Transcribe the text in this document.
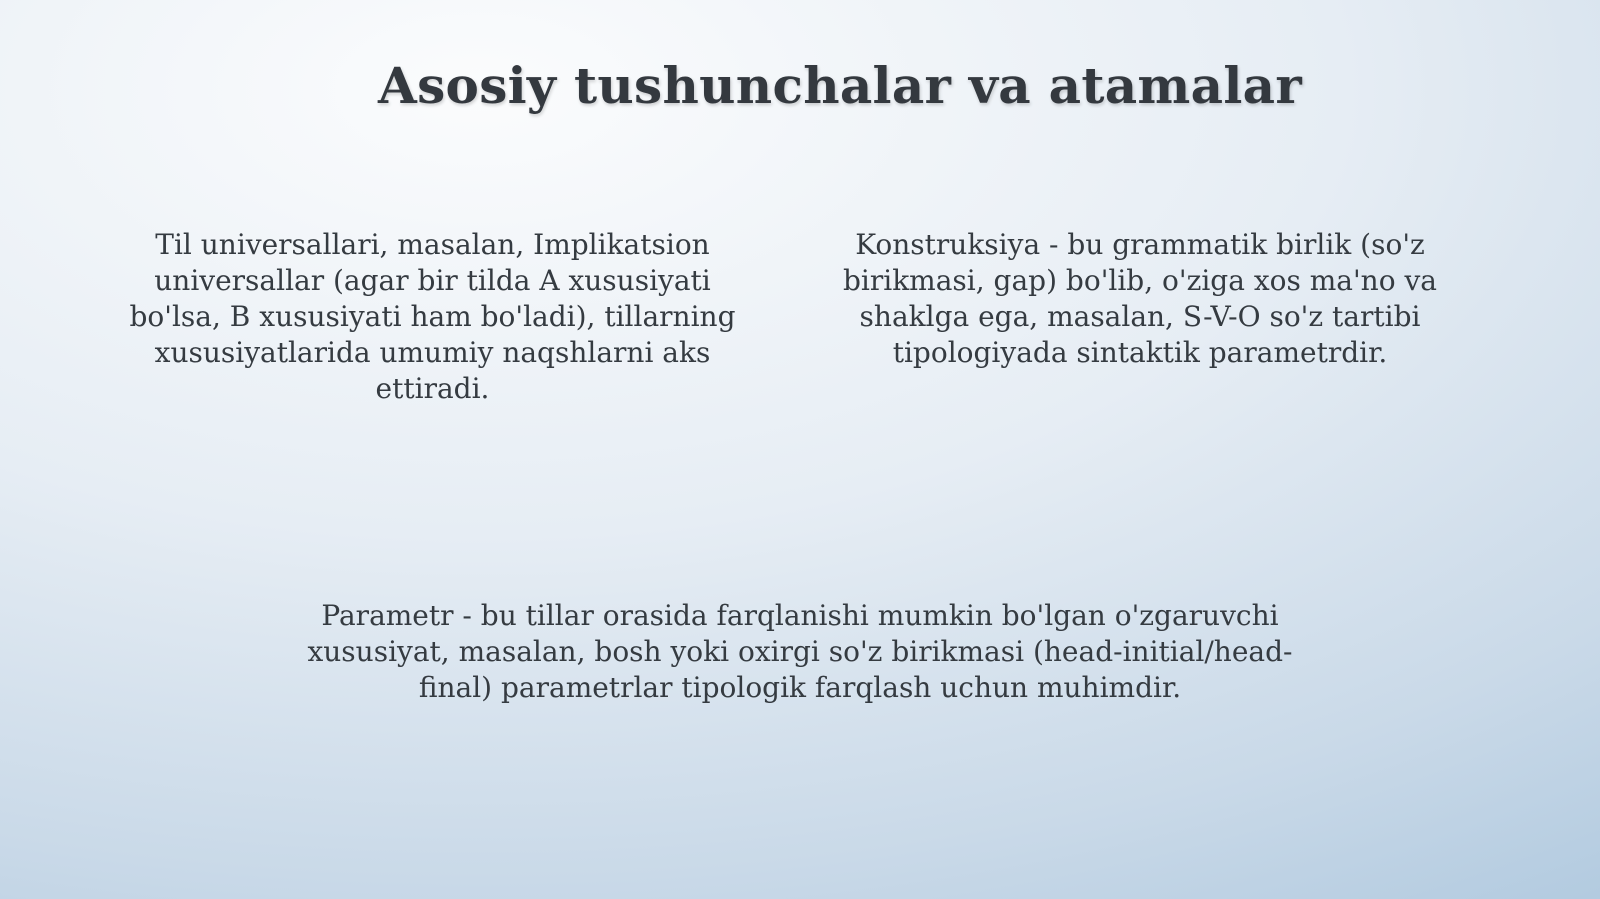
Asosiy tushunchalar va atamalar

Til universallari, masalan, Implikatsion universallar (agar bir tilda A xususiyati bo'lsa, B xususiyati ham bo'ladi), tillarning xususiyatlarida umumiy naqshlarni aks ettiradi.

Konstruksiya - bu grammatik birlik (so'z birikmasi, gap) bo'lib, o'ziga xos ma'no va shaklga ega, masalan, S-V-O so'z tartibi tipologiyada sintaktik parametrdir.

Parametr - bu tillar orasida farqlanishi mumkin bo'lgan o'zgaruvchi xususiyat, masalan, bosh yoki oxirgi so'z birikmasi (head-initial/head-final) parametrlar tipologik farqlash uchun muhimdir.
